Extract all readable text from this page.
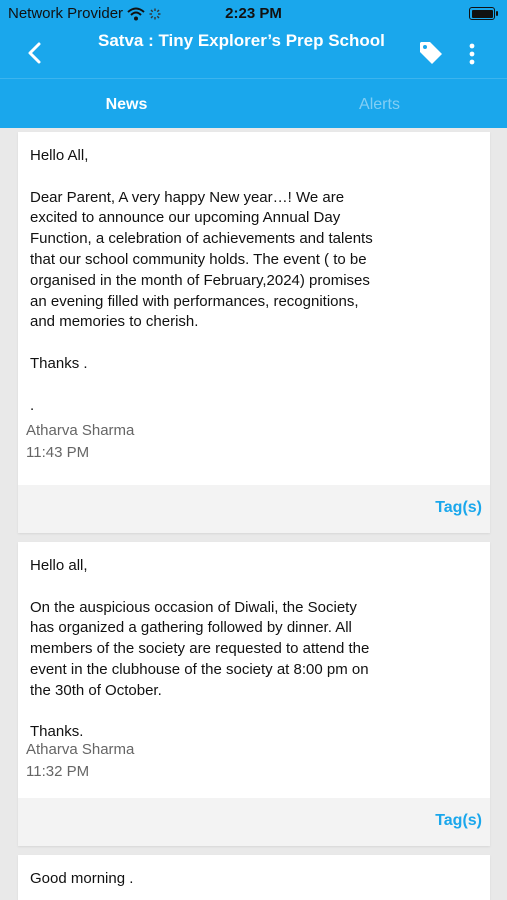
Network Provider	2:23 PM
Satva : Tiny Explorer’s Prep School
News	Alerts
Hello All,

Dear Parent, A very happy New year…! We are excited to announce our upcoming Annual Day Function, a celebration of achievements and talents that our school community holds. The event ( to be organised in the month of February,2024) promises an evening filled with performances, recognitions, and memories to cherish.

Thanks .

.
Atharva Sharma
11:43 PM
Tag(s)
Hello all,

On the auspicious occasion of Diwali, the Society has organized a gathering followed by dinner. All members of the society are requested to attend the event in the clubhouse of the society at 8:00 pm on the 30th of October.

Thanks.
Atharva Sharma
11:32 PM
Tag(s)
Good morning .
